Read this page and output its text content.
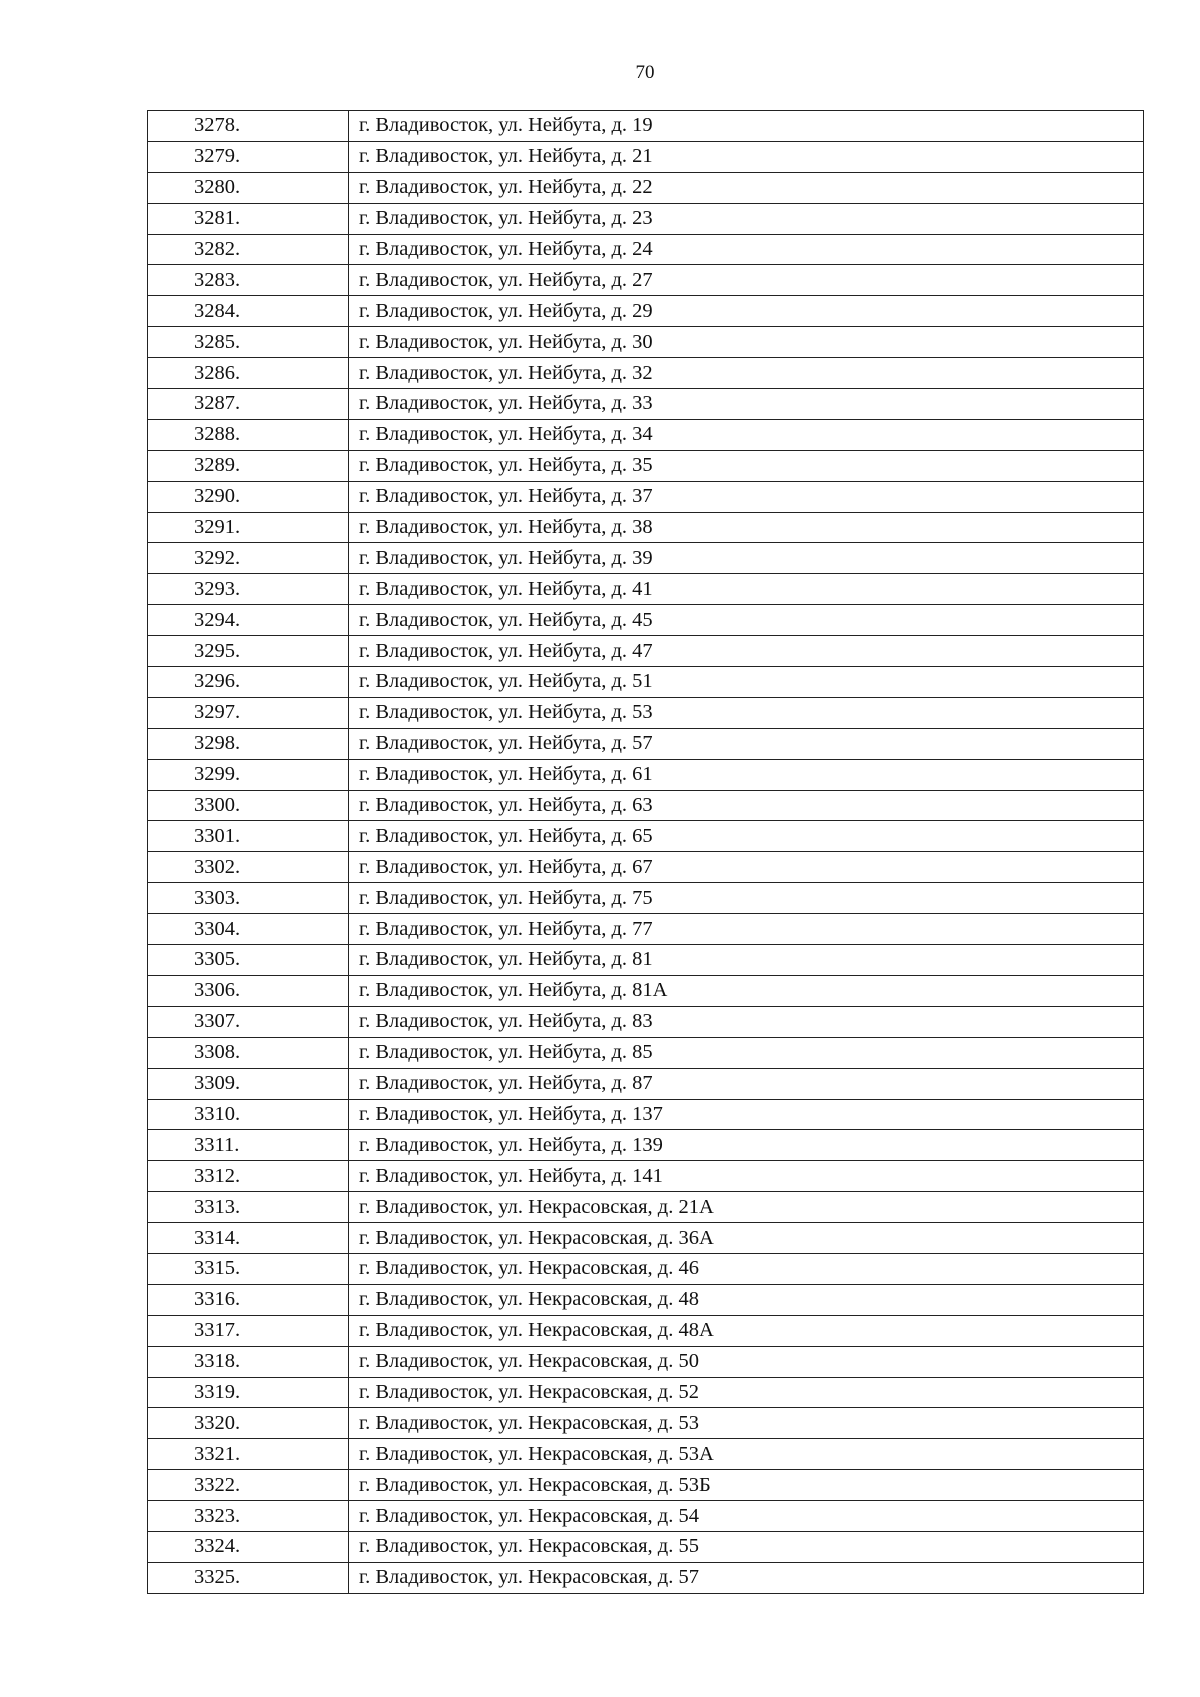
70
3278.	г. Владивосток, ул. Нейбута, д. 19
3279.	г. Владивосток, ул. Нейбута, д. 21
3280.	г. Владивосток, ул. Нейбута, д. 22
3281.	г. Владивосток, ул. Нейбута, д. 23
3282.	г. Владивосток, ул. Нейбута, д. 24
3283.	г. Владивосток, ул. Нейбута, д. 27
3284.	г. Владивосток, ул. Нейбута, д. 29
3285.	г. Владивосток, ул. Нейбута, д. 30
3286.	г. Владивосток, ул. Нейбута, д. 32
3287.	г. Владивосток, ул. Нейбута, д. 33
3288.	г. Владивосток, ул. Нейбута, д. 34
3289.	г. Владивосток, ул. Нейбута, д. 35
3290.	г. Владивосток, ул. Нейбута, д. 37
3291.	г. Владивосток, ул. Нейбута, д. 38
3292.	г. Владивосток, ул. Нейбута, д. 39
3293.	г. Владивосток, ул. Нейбута, д. 41
3294.	г. Владивосток, ул. Нейбута, д. 45
3295.	г. Владивосток, ул. Нейбута, д. 47
3296.	г. Владивосток, ул. Нейбута, д. 51
3297.	г. Владивосток, ул. Нейбута, д. 53
3298.	г. Владивосток, ул. Нейбута, д. 57
3299.	г. Владивосток, ул. Нейбута, д. 61
3300.	г. Владивосток, ул. Нейбута, д. 63
3301.	г. Владивосток, ул. Нейбута, д. 65
3302.	г. Владивосток, ул. Нейбута, д. 67
3303.	г. Владивосток, ул. Нейбута, д. 75
3304.	г. Владивосток, ул. Нейбута, д. 77
3305.	г. Владивосток, ул. Нейбута, д. 81
3306.	г. Владивосток, ул. Нейбута, д. 81А
3307.	г. Владивосток, ул. Нейбута, д. 83
3308.	г. Владивосток, ул. Нейбута, д. 85
3309.	г. Владивосток, ул. Нейбута, д. 87
3310.	г. Владивосток, ул. Нейбута, д. 137
3311.	г. Владивосток, ул. Нейбута, д. 139
3312.	г. Владивосток, ул. Нейбута, д. 141
3313.	г. Владивосток, ул. Некрасовская, д. 21А
3314.	г. Владивосток, ул. Некрасовская, д. 36А
3315.	г. Владивосток, ул. Некрасовская, д. 46
3316.	г. Владивосток, ул. Некрасовская, д. 48
3317.	г. Владивосток, ул. Некрасовская, д. 48А
3318.	г. Владивосток, ул. Некрасовская, д. 50
3319.	г. Владивосток, ул. Некрасовская, д. 52
3320.	г. Владивосток, ул. Некрасовская, д. 53
3321.	г. Владивосток, ул. Некрасовская, д. 53А
3322.	г. Владивосток, ул. Некрасовская, д. 53Б
3323.	г. Владивосток, ул. Некрасовская, д. 54
3324.	г. Владивосток, ул. Некрасовская, д. 55
3325.	г. Владивосток, ул. Некрасовская, д. 57
